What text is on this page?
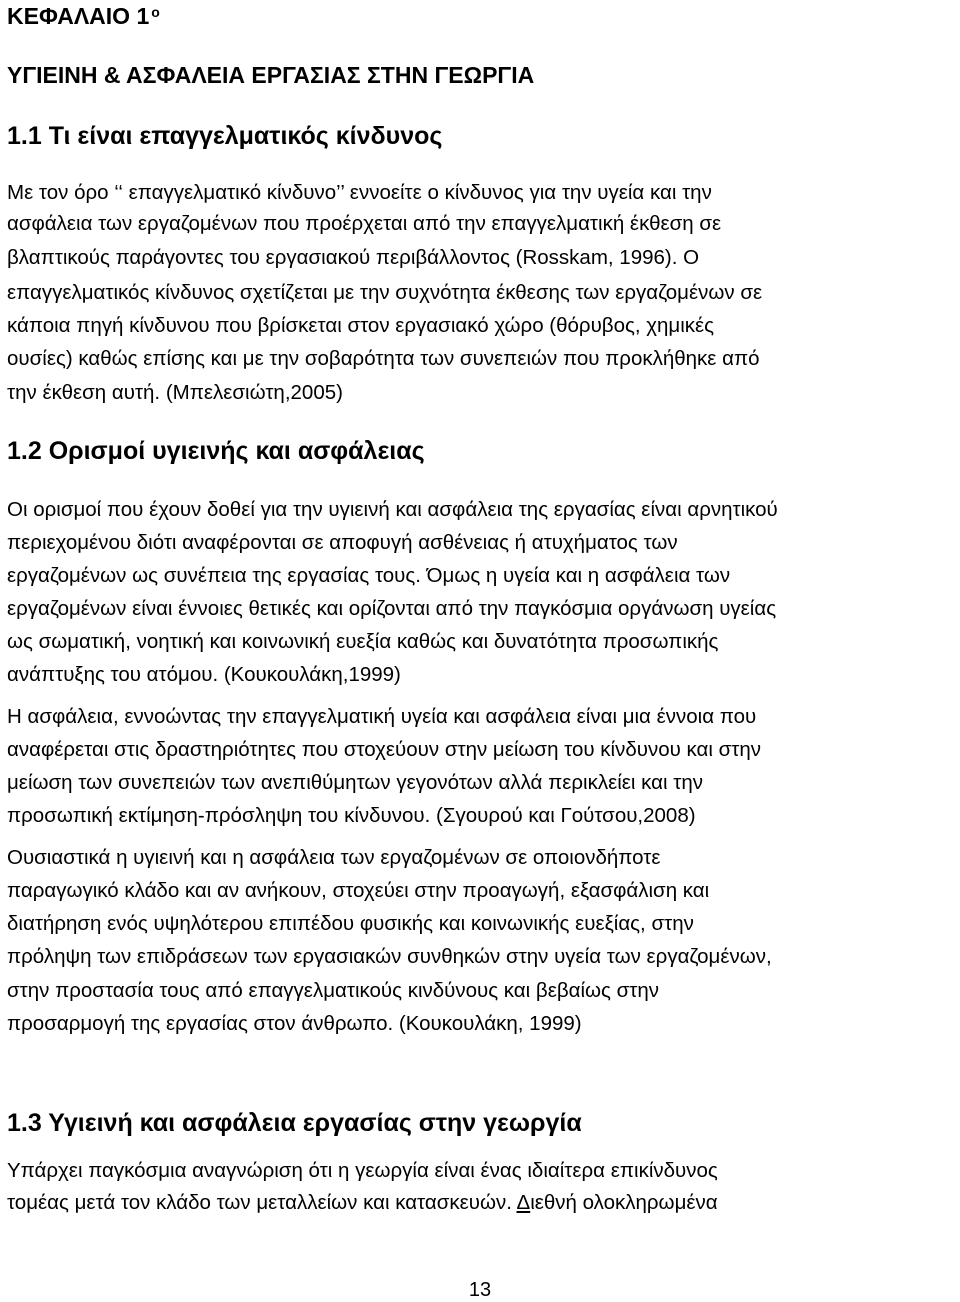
ΚΕΦΑΛΑΙΟ 1 $^o$
ΥΓΙΕΙΝΗ & ΑΣΦΑΛΕΙΑ ΕΡΓΑΣΙΑΣ ΣΤΗΝ ΓΕΩΡΓΙΑ
1.1 Τι είναι επαγγελματικός κίνδυνος
Με τον όρο ‘‘ επαγγελματικό κίνδυνο’’ εννοείτε ο κίνδυνος για την υγεία και την
ασφάλεια των εργαζομένων που προέρχεται από την επαγγελματική έκθεση σε
βλαπτικούς παράγοντες του εργασιακού περιβάλλοντος (Rosskam, 1996). Ο
επαγγελματικός κίνδυνος σχετίζεται με την συχνότητα έκθεσης των εργαζομένων σε
κάποια πηγή κίνδυνου που βρίσκεται στον εργασιακό χώρο (θόρυβος, χημικές
ουσίες) καθώς επίσης και με την σοβαρότητα των συνεπειών που προκλήθηκε από
την έκθεση αυτή. (Μπελεσιώτη,2005)
1.2 Ορισμοί υγιεινής και ασφάλειας
Οι ορισμοί που έχουν δοθεί για την υγιεινή και ασφάλεια της εργασίας είναι αρνητικού
περιεχομένου διότι αναφέρονται σε αποφυγή ασθένειας ή ατυχήματος των
εργαζομένων ως συνέπεια της εργασίας τους. Όμως η υγεία και η ασφάλεια των
εργαζομένων είναι έννοιες θετικές και ορίζονται από την παγκόσμια οργάνωση υγείας
ως σωματική, νοητική και κοινωνική ευεξία καθώς και δυνατότητα προσωπικής
ανάπτυξης του ατόμου. (Κουκουλάκη,1999)
Η ασφάλεια, εννοώντας την επαγγελματική υγεία και ασφάλεια είναι μια έννοια που
αναφέρεται στις δραστηριότητες που στοχεύουν στην μείωση του κίνδυνου και στην
μείωση των συνεπειών των ανεπιθύμητων γεγονότων αλλά περικλείει και την
προσωπική εκτίμηση-πρόσληψη του κίνδυνου. (Σγουρού και Γούτσου,2008)
Ουσιαστικά η υγιεινή και η ασφάλεια των εργαζομένων σε οποιονδήποτε
παραγωγικό κλάδο και αν ανήκουν, στοχεύει στην προαγωγή, εξασφάλιση και
διατήρηση ενός υψηλότερου επιπέδου φυσικής και κοινωνικής ευεξίας, στην
πρόληψη των επιδράσεων των εργασιακών συνθηκών στην υγεία των εργαζομένων,
στην προστασία τους από επαγγελματικούς κινδύνους και βεβαίως στην
προσαρμογή της εργασίας στον άνθρωπο. (Κουκουλάκη, 1999)
1.3 Υγιεινή και ασφάλεια εργασίας στην γεωργία
Υπάρχει παγκόσμια αναγνώριση ότι η γεωργία είναι ένας ιδιαίτερα επικίνδυνος
τομέας μετά τον κλάδο των μεταλλείων και κατασκευών. Διεθνή ολοκληρωμένα
13
